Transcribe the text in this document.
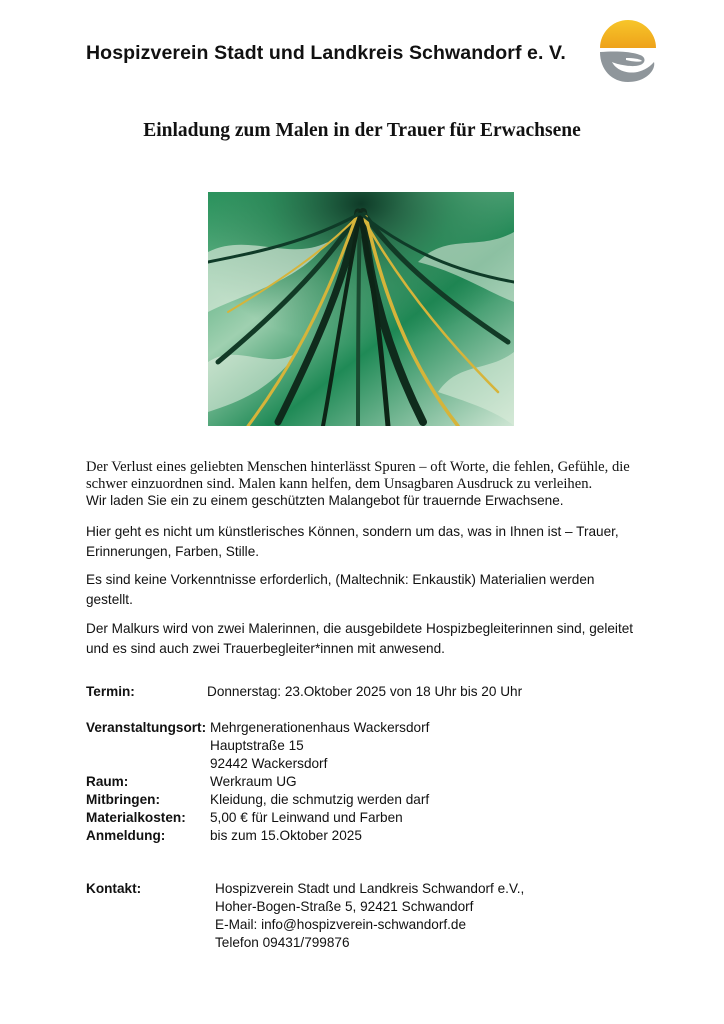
Hospizverein Stadt und Landkreis Schwandorf e. V.
Einladung zum Malen in der Trauer für Erwachsene
Der Verlust eines geliebten Menschen hinterlässt Spuren – oft Worte, die fehlen, Gefühle, die
schwer einzuordnen sind. Malen kann helfen, dem Unsagbaren Ausdruck zu verleihen.
Wir laden Sie ein zu einem geschützten Malangebot für trauernde Erwachsene.
Hier geht es nicht um künstlerisches Können, sondern um das, was in Ihnen ist – Trauer,
Erinnerungen, Farben, Stille.
Es sind keine Vorkenntnisse erforderlich, (Maltechnik: Enkaustik) Materialien werden
gestellt.
Der Malkurs wird von zwei Malerinnen, die ausgebildete Hospizbegleiterinnen sind, geleitet
und es sind auch zwei Trauerbegleiter*innen mit anwesend.
Termin:	Donnerstag: 23.Oktober 2025 von 18 Uhr bis 20 Uhr
Veranstaltungsort: Mehrgenerationenhaus Wackersdorf
Hauptstraße 15
92442 Wackersdorf
Raum:	Werkraum UG
Mitbringen:	Kleidung, die schmutzig werden darf
Materialkosten: 5,00 € für Leinwand und Farben
Anmeldung:	bis zum 15.Oktober 2025
Kontakt:	Hospizverein Stadt und Landkreis Schwandorf e.V.,
Hoher-Bogen-Straße 5, 92421 Schwandorf
E-Mail: info@hospizverein-schwandorf.de
Telefon 09431/799876
